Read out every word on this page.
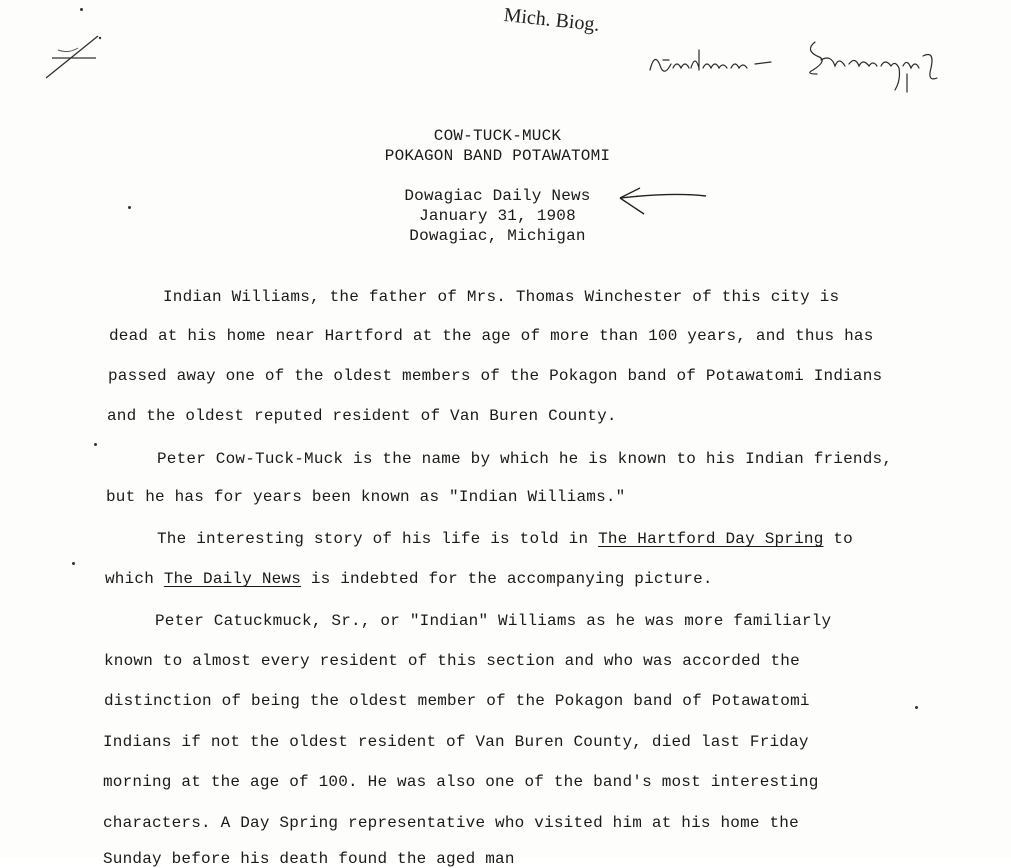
Mich. Biog.
COW-TUCK-MUCK
POKAGON BAND POTAWATOMI
Dowagiac Daily News
January 31, 1908
Dowagiac, Michigan
Indian Williams, the father of Mrs. Thomas Winchester of this city is
dead at his home near Hartford at the age of more than 100 years, and thus has
passed away one of the oldest members of the Pokagon band of Potawatomi Indians
and the oldest reputed resident of Van Buren County.
Peter Cow-Tuck-Muck is the name by which he is known to his Indian friends,
but he has for years been known as "Indian Williams."
The interesting story of his life is told in The Hartford Day Spring to
which The Daily News is indebted for the accompanying picture.
Peter Catuckmuck, Sr., or "Indian" Williams as he was more familiarly
known to almost every resident of this section and who was accorded the
distinction of being the oldest member of the Pokagon band of Potawatomi
Indians if not the oldest resident of Van Buren County, died last Friday
morning at the age of 100. He was also one of the band's most interesting
characters. A Day Spring representative who visited him at his home the
Sunday before his death found the aged man
